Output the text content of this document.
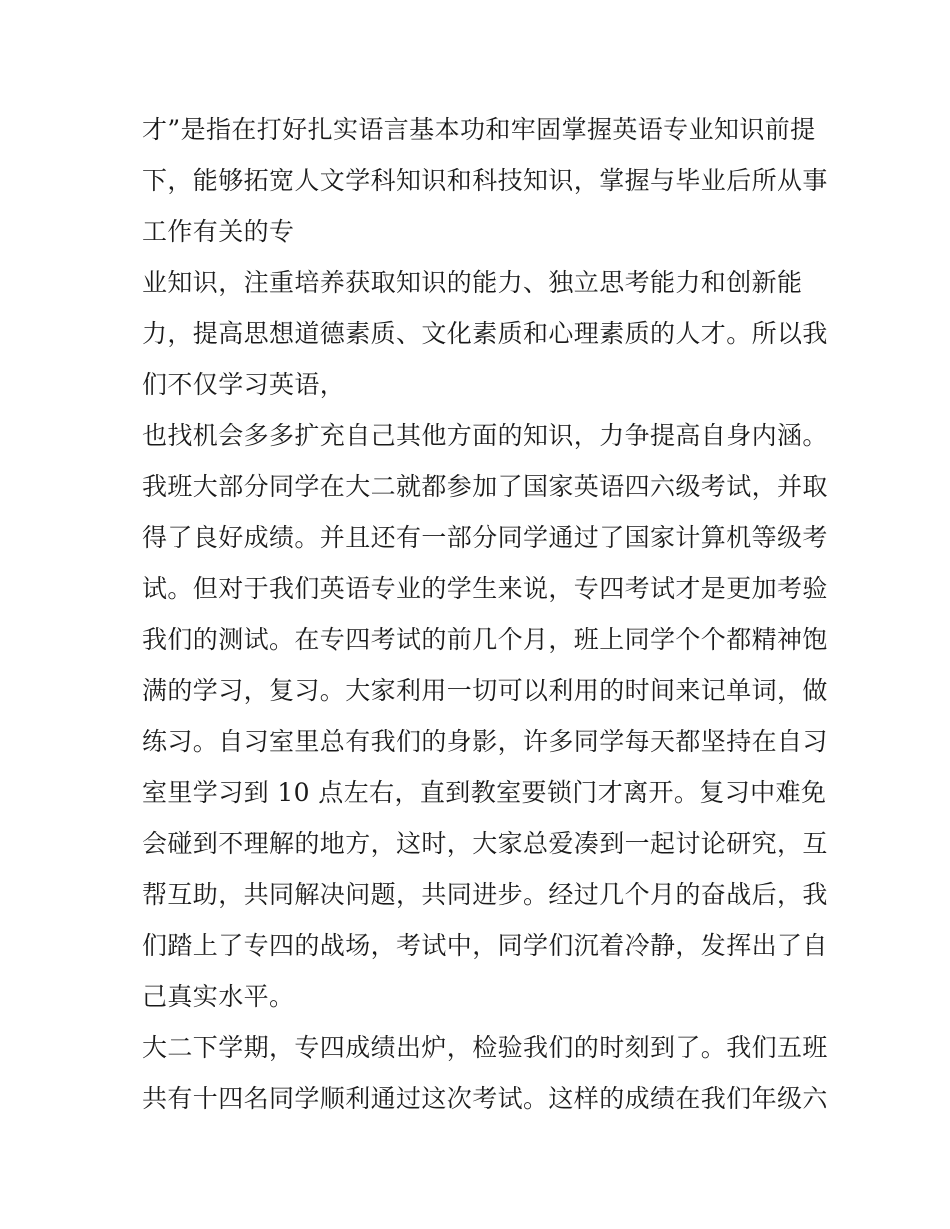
才”是指在打好扎实语言基本功和牢固掌握英语专业知识前提
下，能够拓宽人文学科知识和科技知识，掌握与毕业后所从事
工作有关的专
业知识，注重培养获取知识的能力、独立思考能力和创新能
力，提高思想道德素质、文化素质和心理素质的人才。所以我
们不仅学习英语，
也找机会多多扩充自己其他方面的知识，力争提高自身内涵。
我班大部分同学在大二就都参加了国家英语四六级考试，并取
得了良好成绩。并且还有一部分同学通过了国家计算机等级考
试。但对于我们英语专业的学生来说，专四考试才是更加考验
我们的测试。在专四考试的前几个月，班上同学个个都精神饱
满的学习，复习。大家利用一切可以利用的时间来记单词，做
练习。自习室里总有我们的身影，许多同学每天都坚持在自习
室里学习到 10 点左右，直到教室要锁门才离开。复习中难免
会碰到不理解的地方，这时，大家总爱凑到一起讨论研究，互
帮互助，共同解决问题，共同进步。经过几个月的奋战后，我
们踏上了专四的战场，考试中，同学们沉着冷静，发挥出了自
己真实水平。
大二下学期，专四成绩出炉，检验我们的时刻到了。我们五班
共有十四名同学顺利通过这次考试。这样的成绩在我们年级六
